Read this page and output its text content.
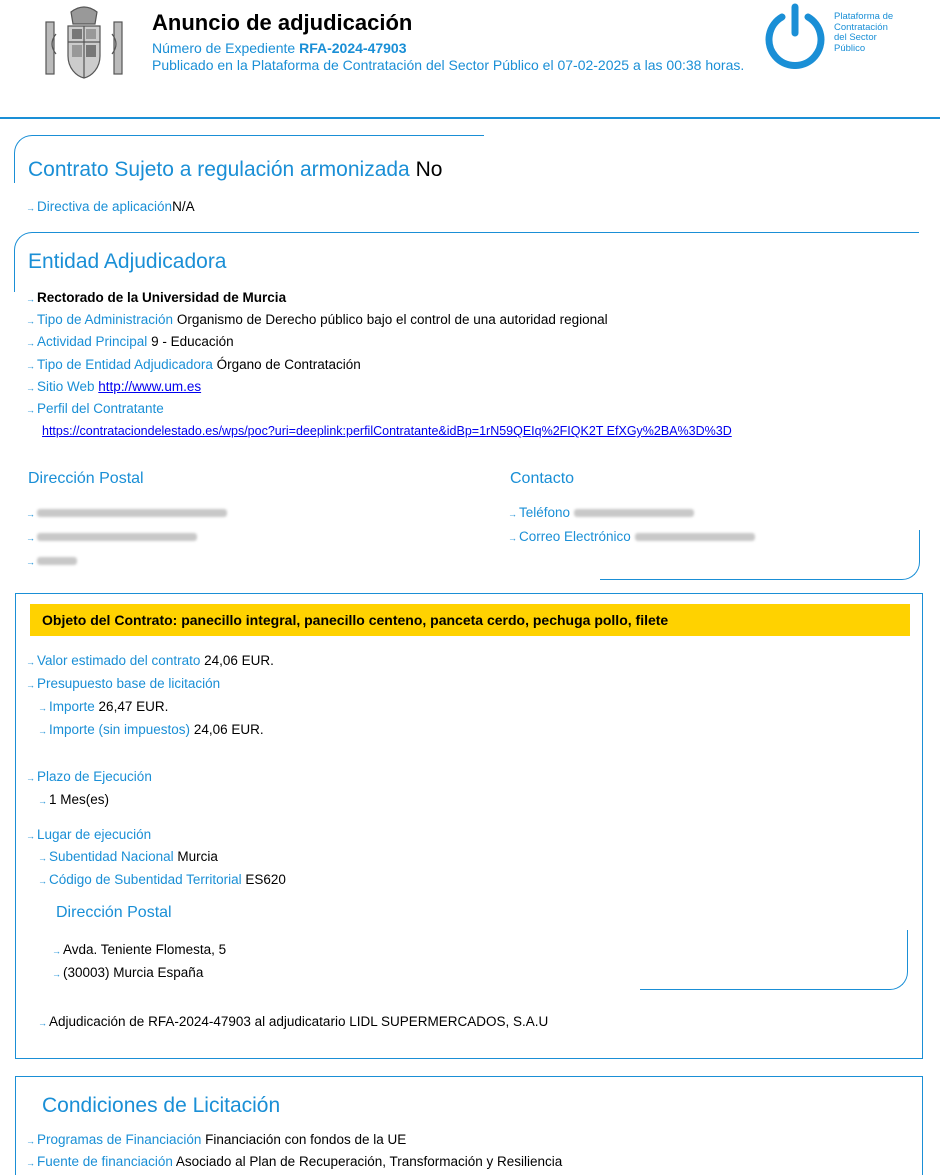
Anuncio de adjudicación
Número de Expediente RFA-2024-47903
Publicado en la Plataforma de Contratación del Sector Público el 07-02-2025 a las 00:38 horas.
Plataforma de
Contratación
del Sector
Público
Contrato Sujeto a regulación armonizada No
→ Directiva de aplicaciónN/A
Entidad Adjudicadora
→ Rectorado de la Universidad de Murcia
→ Tipo de Administración Organismo de Derecho público bajo el control de una autoridad regional
→ Actividad Principal 9 - Educación
→ Tipo de Entidad Adjudicadora Órgano de Contratación
→ Sitio Web http://www.um.es
→ Perfil del Contratante
https://contrataciondelestado.es/wps/poc?uri=deeplink:perfilContratante&idBp=1rN59QEIq%2FIQK2T EfXGy%2BA%3D%3D
Dirección Postal	Contacto
→
→
→
→ Teléfono
→ Correo Electrónico
Objeto del Contrato: panecillo integral, panecillo centeno, panceta cerdo, pechuga pollo, filete
→ Valor estimado del contrato 24,06 EUR.
→ Presupuesto base de licitación
→ Importe 26,47 EUR.
→ Importe (sin impuestos) 24,06 EUR.
→ Plazo de Ejecución
→ 1 Mes(es)
→ Lugar de ejecución
→ Subentidad Nacional Murcia
→ Código de Subentidad Territorial ES620
Dirección Postal
→ Avda. Teniente Flomesta, 5
→ (30003) Murcia España
→ Adjudicación de RFA-2024-47903 al adjudicatario LIDL SUPERMERCADOS, S.A.U
Condiciones de Licitación
→ Programas de Financiación Financiación con fondos de la UE
→ Fuente de financiación Asociado al Plan de Recuperación, Transformación y Resiliencia
